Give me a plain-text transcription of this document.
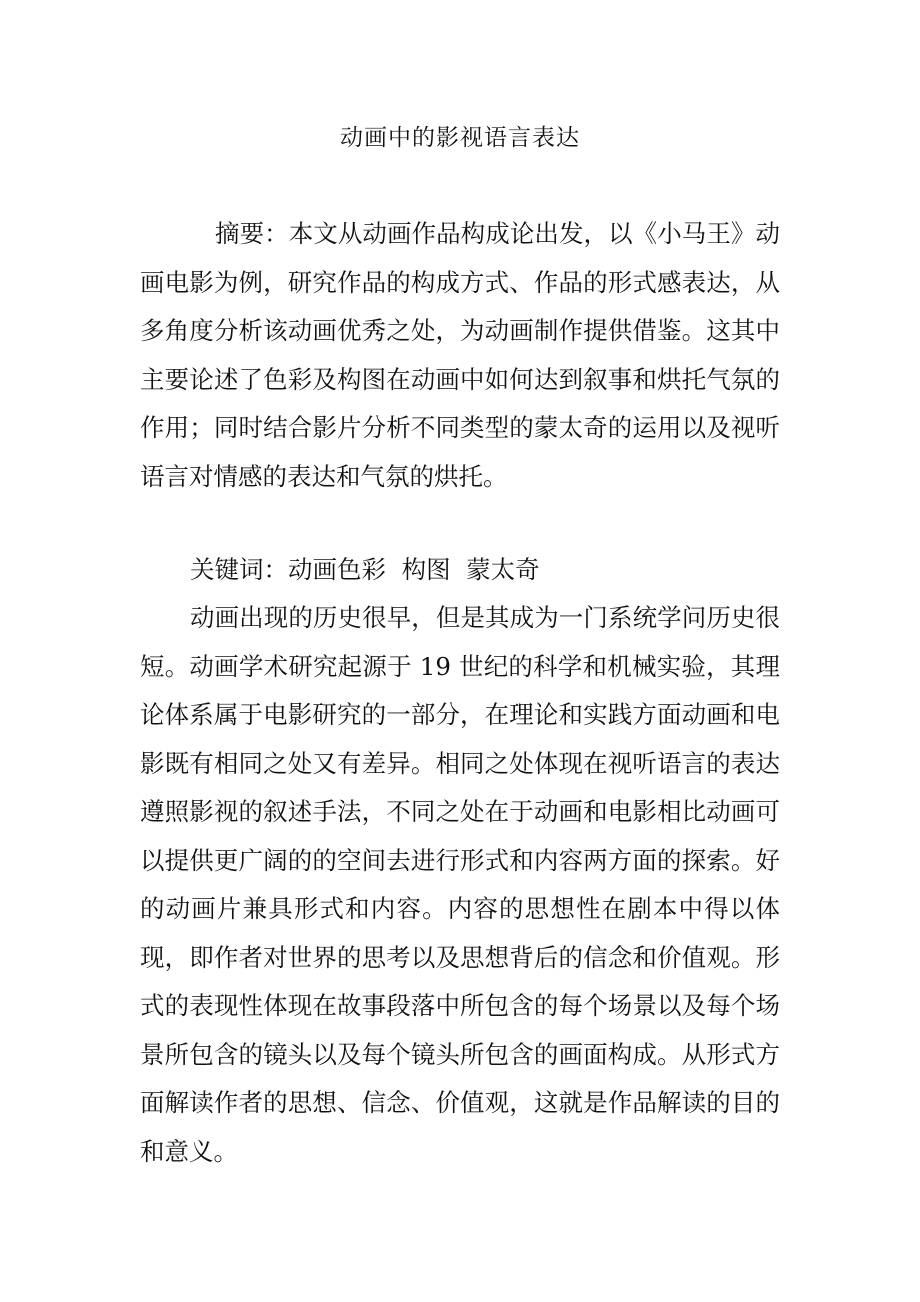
动画中的影视语言表达

摘要：本文从动画作品构成论出发，以《小马王》动画电影为例，研究作品的构成方式、作品的形式感表达，从多角度分析该动画优秀之处，为动画制作提供借鉴。这其中主要论述了色彩及构图在动画中如何达到叙事和烘托气氛的作用；同时结合影片分析不同类型的蒙太奇的运用以及视听语言对情感的表达和气氛的烘托。

关键词：动画色彩  构图  蒙太奇

动画出现的历史很早，但是其成为一门系统学问历史很短。动画学术研究起源于 19 世纪的科学和机械实验，其理论体系属于电影研究的一部分，在理论和实践方面动画和电影既有相同之处又有差异。相同之处体现在视听语言的表达遵照影视的叙述手法，不同之处在于动画和电影相比动画可以提供更广阔的的空间去进行形式和内容两方面的探索。好的动画片兼具形式和内容。内容的思想性在剧本中得以体现，即作者对世界的思考以及思想背后的信念和价值观。形式的表现性体现在故事段落中所包含的每个场景以及每个场景所包含的镜头以及每个镜头所包含的画面构成。从形式方面解读作者的思想、信念、价值观，这就是作品解读的目的和意义。
